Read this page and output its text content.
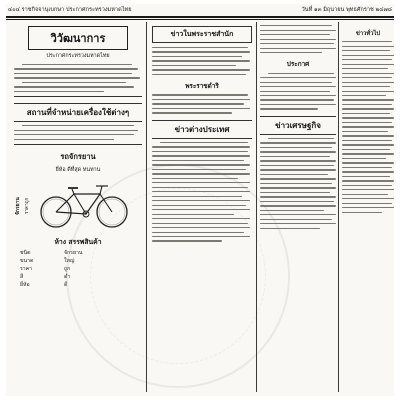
๔๐๔ ราชกิจจานุเบกษา ประกาศกระทรวงมหาดไทย	วันที่ ๑๓ มิถุนายน พุทธศักราช ๒๔๗๘
วิวัฒนาการ
ประกาศกระทรวงมหาดไทย
สถานที่จำหน่ายเครื่องใช้ต่างๆ
รถจักรยาน
ยี่ห้อ ดีที่สุด ทนทาน
จักรยาน ราคาถูก
ห้าง สรรพสินค้า
ชนิด	จักรยาน
ขนาด	ใหญ่
ราคา	ถูก
สี	ดำ
ยี่ห้อ	ดี
ข่าวในพระราชสำนัก
พระราชดำริ
ข่าวต่างประเทศ
ประกาศ
ข่าวเศรษฐกิจ
ข่าวทั่วไป
